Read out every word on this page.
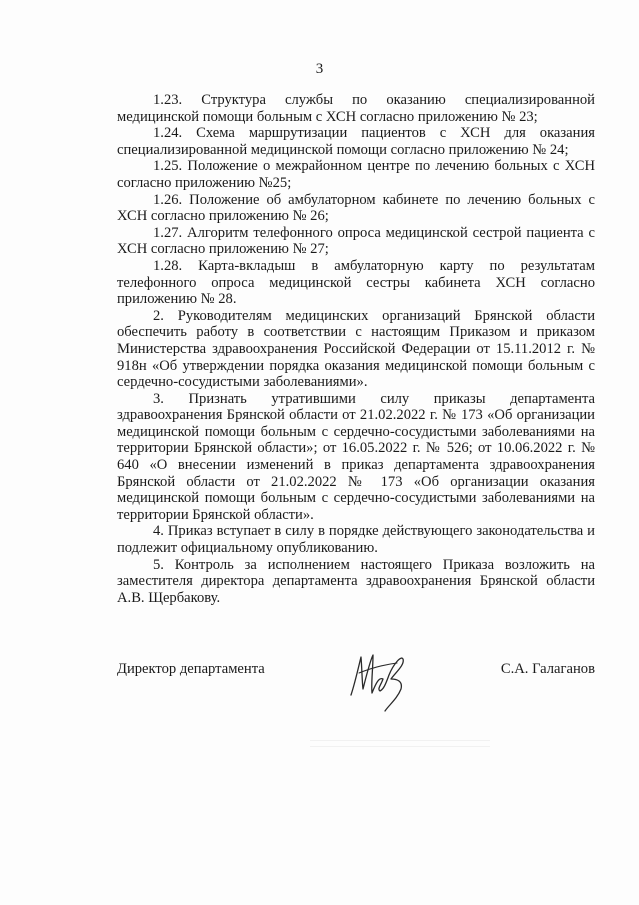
3

1.23. Структура службы по оказанию специализированной медицинской помощи больным с ХСН согласно приложению № 23;

1.24. Схема маршрутизации пациентов с ХСН для оказания специализированной медицинской помощи согласно приложению № 24;

1.25. Положение о межрайонном центре по лечению больных с ХСН согласно приложению №25;

1.26. Положение об амбулаторном кабинете по лечению больных с ХСН согласно приложению № 26;

1.27. Алгоритм телефонного опроса медицинской сестрой пациента с ХСН согласно приложению № 27;

1.28. Карта-вкладыш в амбулаторную карту по результатам телефонного опроса медицинской сестры кабинета ХСН согласно приложению № 28.

2. Руководителям медицинских организаций Брянской области обеспечить работу в соответствии с настоящим Приказом и приказом Министерства здравоохранения Российской Федерации от 15.11.2012 г. № 918н «Об утверждении порядка оказания медицинской помощи больным с сердечно-сосудистыми заболеваниями».

3. Признать утратившими силу приказы департамента здравоохранения Брянской области от 21.02.2022 г. № 173 «Об организации медицинской помощи больным с сердечно-сосудистыми заболеваниями на территории Брянской области»; от 16.05.2022 г. № 526; от 10.06.2022 г. № 640 «О внесении изменений в приказ департамента здравоохранения Брянской области от 21.02.2022 № 173 «Об организации оказания медицинской помощи больным с сердечно-сосудистыми заболеваниями на территории Брянской области».

4. Приказ вступает в силу в порядке действующего законодательства и подлежит официальному опубликованию.

5. Контроль за исполнением настоящего Приказа возложить на заместителя директора департамента здравоохранения Брянской области А.В. Щербакову.

Директор департамента	С.А. Галаганов
